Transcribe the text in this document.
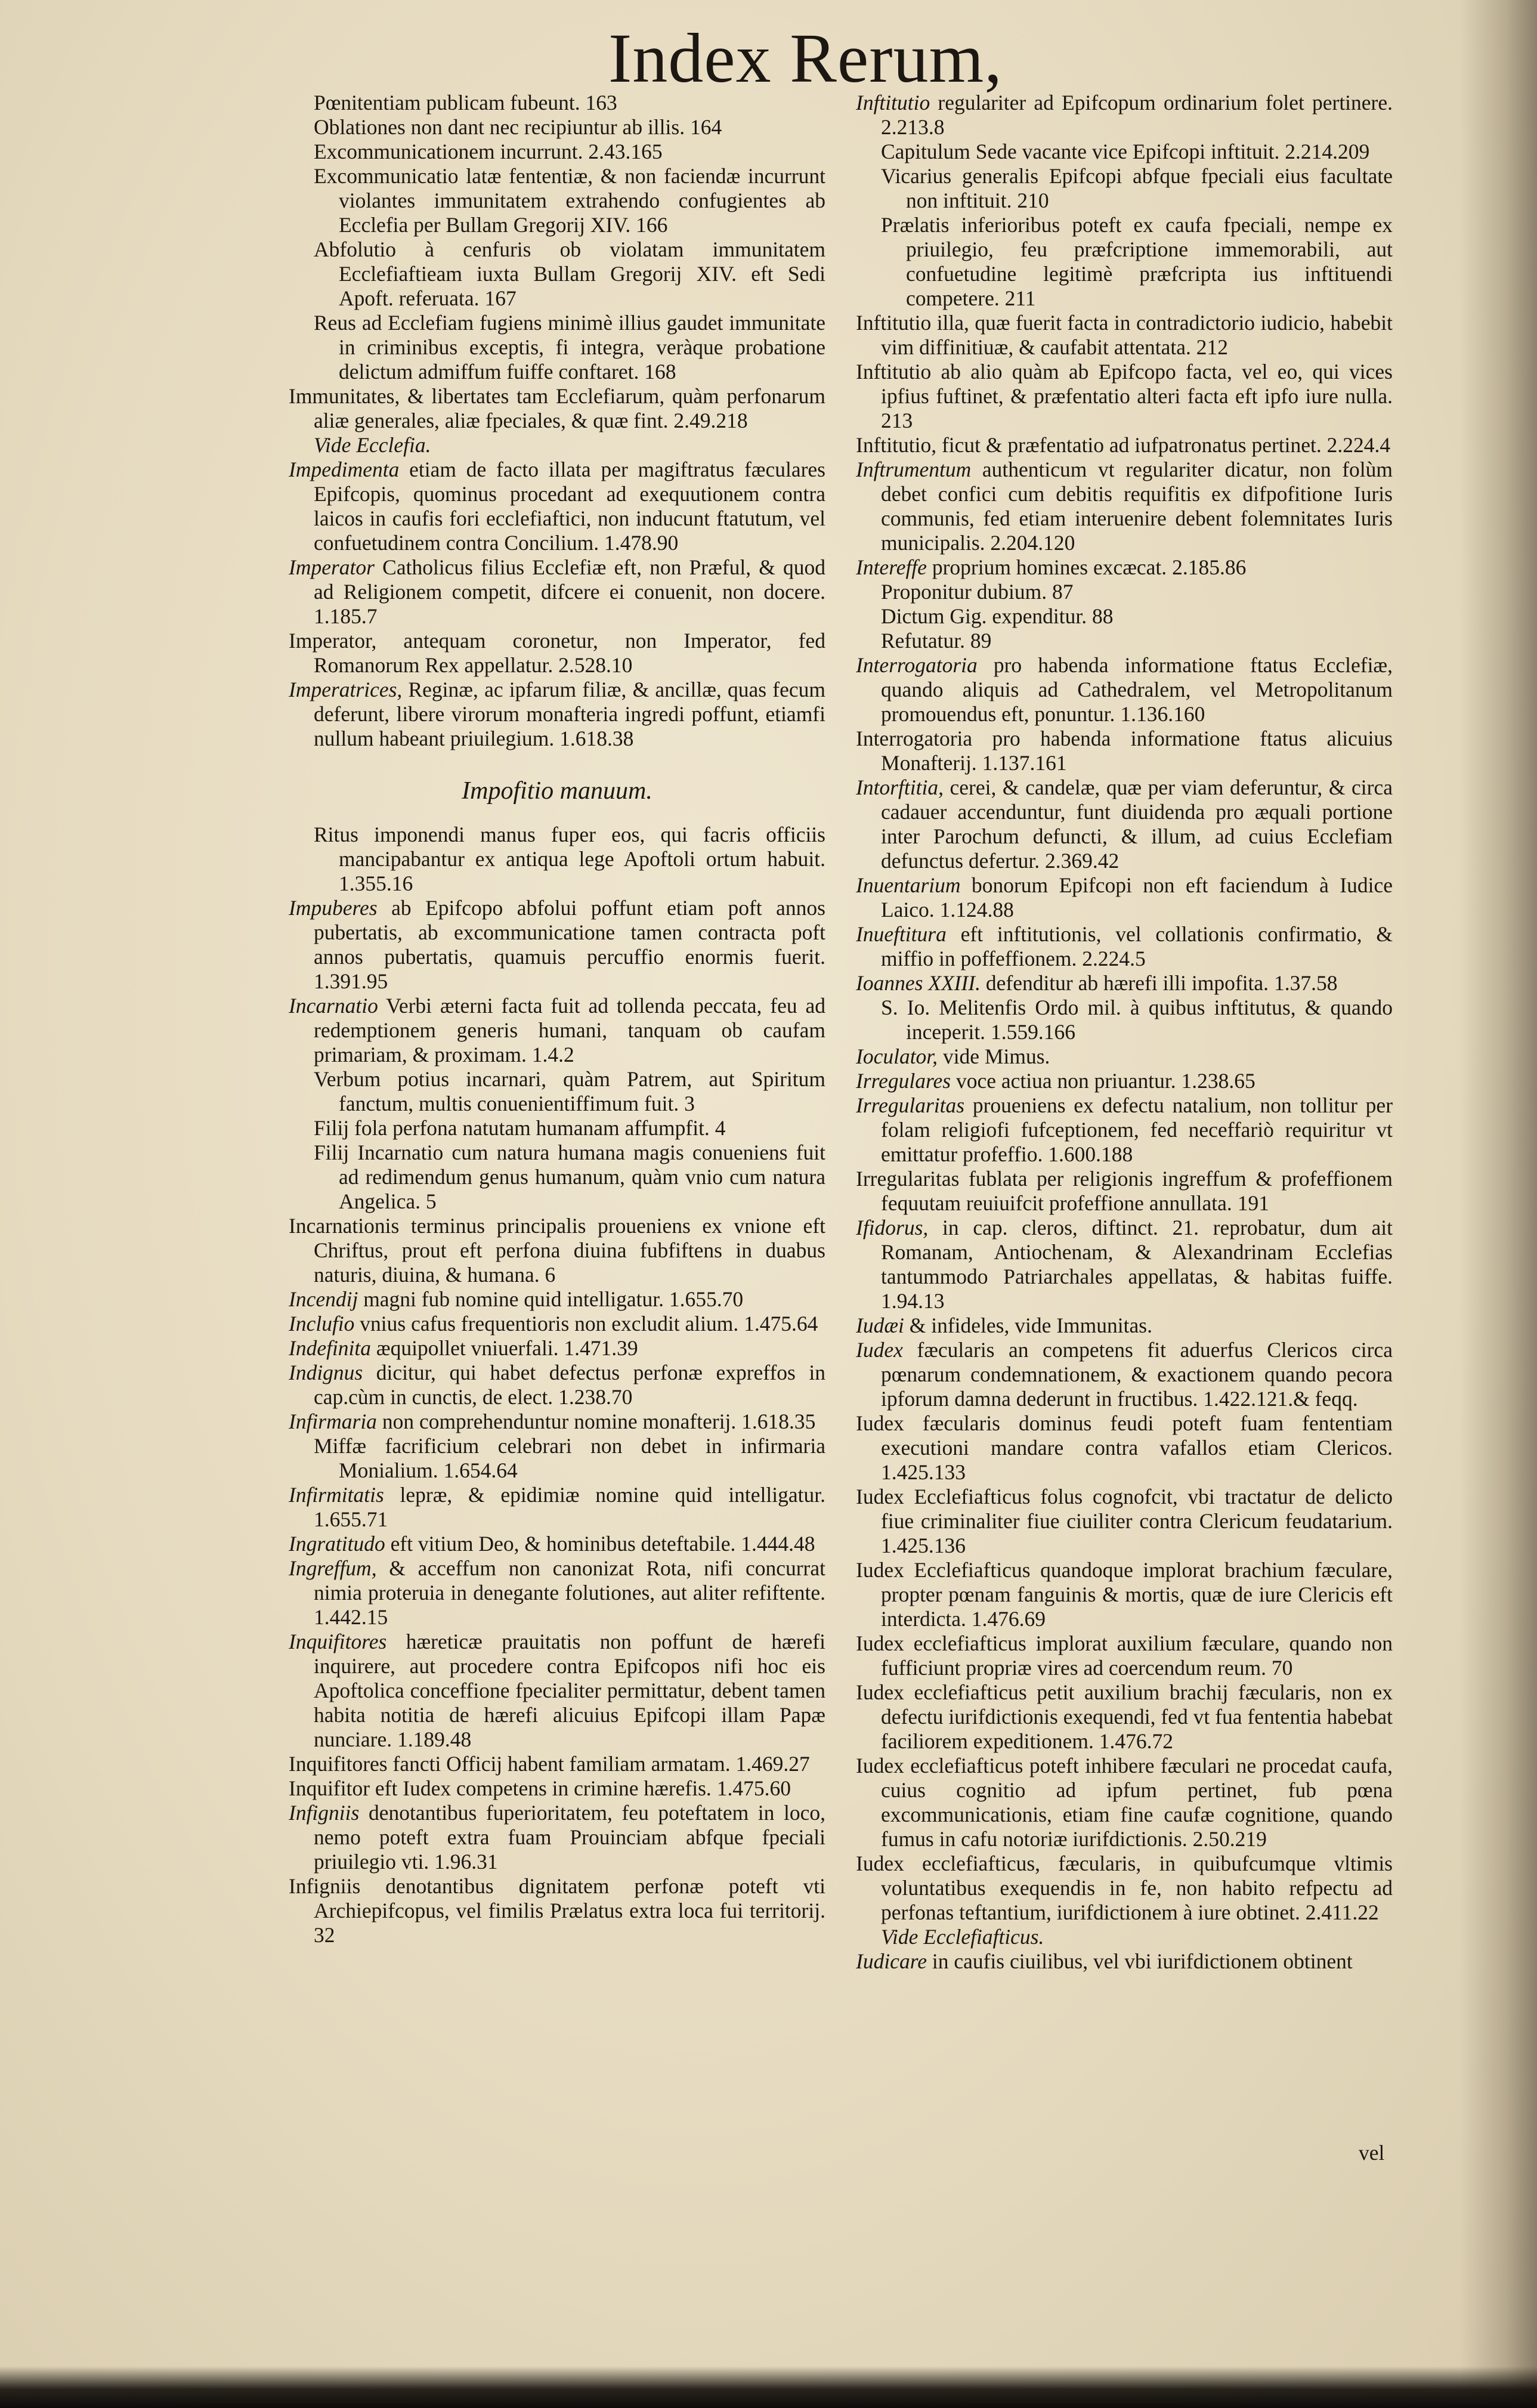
Index Rerum,

Pœnitentiam publicam fubeunt. 163

Oblationes non dant nec recipiuntur ab illis. 164

Excommunicationem incurrunt. 2.43.165

Excommunicatio latæ fententiæ, & non faciendæ incurrunt violantes immunitatem extrahendo confugientes ab Ecclefia per Bullam Gregorij XIV. 166

Abfolutio à cenfuris ob violatam immunitatem Ecclefiaftieam iuxta Bullam Gregorij XIV. eft Sedi Apoft. referuata. 167

Reus ad Ecclefiam fugiens minimè illius gaudet immunitate in criminibus exceptis, fi integra, veràque probatione delictum admiffum fuiffe conftaret. 168

Immunitates, & libertates tam Ecclefiarum, quàm perfonarum aliæ generales, aliæ fpeciales, & quæ fint. 2.49.218

Vide Ecclefia.

Impedimenta etiam de facto illata per magiftratus fæculares Epifcopis, quominus procedant ad exequutionem contra laicos in caufis fori ecclefiaftici, non inducunt ftatutum, vel confuetudinem contra Concilium. 1.478.90

Imperator Catholicus filius Ecclefiæ eft, non Præful, & quod ad Religionem competit, difcere ei conuenit, non docere. 1.185.7

Imperator, antequam coronetur, non Imperator, fed Romanorum Rex appellatur. 2.528.10

Imperatrices, Reginæ, ac ipfarum filiæ, & ancillæ, quas fecum deferunt, libere virorum monafteria ingredi poffunt, etiamfi nullum habeant priuilegium. 1.618.38

Impofitio manuum.

Ritus imponendi manus fuper eos, qui facris officiis mancipabantur ex antiqua lege Apoftoli ortum habuit. 1.355.16

Impuberes ab Epifcopo abfolui poffunt etiam poft annos pubertatis, ab excommunicatione tamen contracta poft annos pubertatis, quamuis percuffio enormis fuerit. 1.391.95

Incarnatio Verbi æterni facta fuit ad tollenda peccata, feu ad redemptionem generis humani, tanquam ob caufam primariam, & proximam. 1.4.2

Verbum potius incarnari, quàm Patrem, aut Spiritum fanctum, multis conuenientiffimum fuit. 3

Filij fola perfona natutam humanam affumpfit. 4

Filij Incarnatio cum natura humana magis conueniens fuit ad redimendum genus humanum, quàm vnio cum natura Angelica. 5

Incarnationis terminus principalis proueniens ex vnione eft Chriftus, prout eft perfona diuina fubfiftens in duabus naturis, diuina, & humana. 6

Incendij magni fub nomine quid intelligatur. 1.655.70

Inclufio vnius cafus frequentioris non excludit alium. 1.475.64

Indefinita æquipollet vniuerfali. 1.471.39

Indignus dicitur, qui habet defectus perfonæ expreffos in cap.cùm in cunctis, de elect. 1.238.70

Infirmaria non comprehenduntur nomine monafterij. 1.618.35

Miffæ facrificium celebrari non debet in infirmaria Monialium. 1.654.64

Infirmitatis lepræ, & epidimiæ nomine quid intelligatur. 1.655.71

Ingratitudo eft vitium Deo, & hominibus deteftabile. 1.444.48

Ingreffum, & acceffum non canonizat Rota, nifi concurrat nimia proteruia in denegante folutiones, aut aliter refiftente. 1.442.15

Inquifitores hæreticæ prauitatis non poffunt de hærefi inquirere, aut procedere contra Epifcopos nifi hoc eis Apoftolica conceffione fpecialiter permittatur, debent tamen habita notitia de hærefi alicuius Epifcopi illam Papæ nunciare. 1.189.48

Inquifitores fancti Officij habent familiam armatam. 1.469.27

Inquifitor eft Iudex competens in crimine hærefis. 1.475.60

Infigniis denotantibus fuperioritatem, feu poteftatem in loco, nemo poteft extra fuam Prouinciam abfque fpeciali priuilegio vti. 1.96.31

Infigniis denotantibus dignitatem perfonæ poteft vti Archiepifcopus, vel fimilis Prælatus extra loca fui territorij. 32

Inftitutio regulariter ad Epifcopum ordinarium folet pertinere. 2.213.8

Capitulum Sede vacante vice Epifcopi inftituit. 2.214.209

Vicarius generalis Epifcopi abfque fpeciali eius facultate non inftituit. 210

Prælatis inferioribus poteft ex caufa fpeciali, nempe ex priuilegio, feu præfcriptione immemorabili, aut confuetudine legitimè præfcripta ius inftituendi competere. 211

Inftitutio illa, quæ fuerit facta in contradictorio iudicio, habebit vim diffinitiuæ, & caufabit attentata. 212

Inftitutio ab alio quàm ab Epifcopo facta, vel eo, qui vices ipfius fuftinet, & præfentatio alteri facta eft ipfo iure nulla. 213

Inftitutio, ficut & præfentatio ad iufpatronatus pertinet. 2.224.4

Inftrumentum authenticum vt regulariter dicatur, non folùm debet confici cum debitis requifitis ex difpofitione Iuris communis, fed etiam interuenire debent folemnitates Iuris municipalis. 2.204.120

Intereffe proprium homines excæcat. 2.185.86

Proponitur dubium. 87

Dictum Gig. expenditur. 88

Refutatur. 89

Interrogatoria pro habenda informatione ftatus Ecclefiæ, quando aliquis ad Cathedralem, vel Metropolitanum promouendus eft, ponuntur. 1.136.160

Interrogatoria pro habenda informatione ftatus alicuius Monafterij. 1.137.161

Intorftitia, cerei, & candelæ, quæ per viam deferuntur, & circa cadauer accenduntur, funt diuidenda pro æquali portione inter Parochum defuncti, & illum, ad cuius Ecclefiam defunctus defertur. 2.369.42

Inuentarium bonorum Epifcopi non eft faciendum à Iudice Laico. 1.124.88

Inueftitura eft inftitutionis, vel collationis confirmatio, & miffio in poffeffionem. 2.224.5

Ioannes XXIII. defenditur ab hærefi illi impofita. 1.37.58

S. Io. Melitenfis Ordo mil. à quibus inftitutus, & quando inceperit. 1.559.166

Ioculator, vide Mimus.

Irregulares voce actiua non priuantur. 1.238.65

Irregularitas proueniens ex defectu natalium, non tollitur per folam religiofi fufceptionem, fed neceffariò requiritur vt emittatur profeffio. 1.600.188

Irregularitas fublata per religionis ingreffum & profeffionem fequutam reuiuifcit profeffione annullata. 191

Ifidorus, in cap. cleros, diftinct. 21. reprobatur, dum ait Romanam, Antiochenam, & Alexandrinam Ecclefias tantummodo Patriarchales appellatas, & habitas fuiffe. 1.94.13

Iudæi & infideles, vide Immunitas.

Iudex fæcularis an competens fit aduerfus Clericos circa pœnarum condemnationem, & exactionem quando pecora ipforum damna dederunt in fructibus. 1.422.121.& feqq.

Iudex fæcularis dominus feudi poteft fuam fententiam executioni mandare contra vafallos etiam Clericos. 1.425.133

Iudex Ecclefiafticus folus cognofcit, vbi tractatur de delicto fiue criminaliter fiue ciuiliter contra Clericum feudatarium. 1.425.136

Iudex Ecclefiafticus quandoque implorat brachium fæculare, propter pœnam fanguinis & mortis, quæ de iure Clericis eft interdicta. 1.476.69

Iudex ecclefiafticus implorat auxilium fæculare, quando non fufficiunt propriæ vires ad coercendum reum. 70

Iudex ecclefiafticus petit auxilium brachij fæcularis, non ex defectu iurifdictionis exequendi, fed vt fua fententia habebat faciliorem expeditionem. 1.476.72

Iudex ecclefiafticus poteft inhibere fæculari ne procedat caufa, cuius cognitio ad ipfum pertinet, fub pœna excommunicationis, etiam fine caufæ cognitione, quando fumus in cafu notoriæ iurifdictionis. 2.50.219

Iudex ecclefiafticus, fæcularis, in quibufcumque vltimis voluntatibus exequendis in fe, non habito refpectu ad perfonas teftantium, iurifdictionem à iure obtinet. 2.411.22

Vide Ecclefiafticus.

Iudicare in caufis ciuilibus, vel vbi iurifdictionem obtinent

vel
